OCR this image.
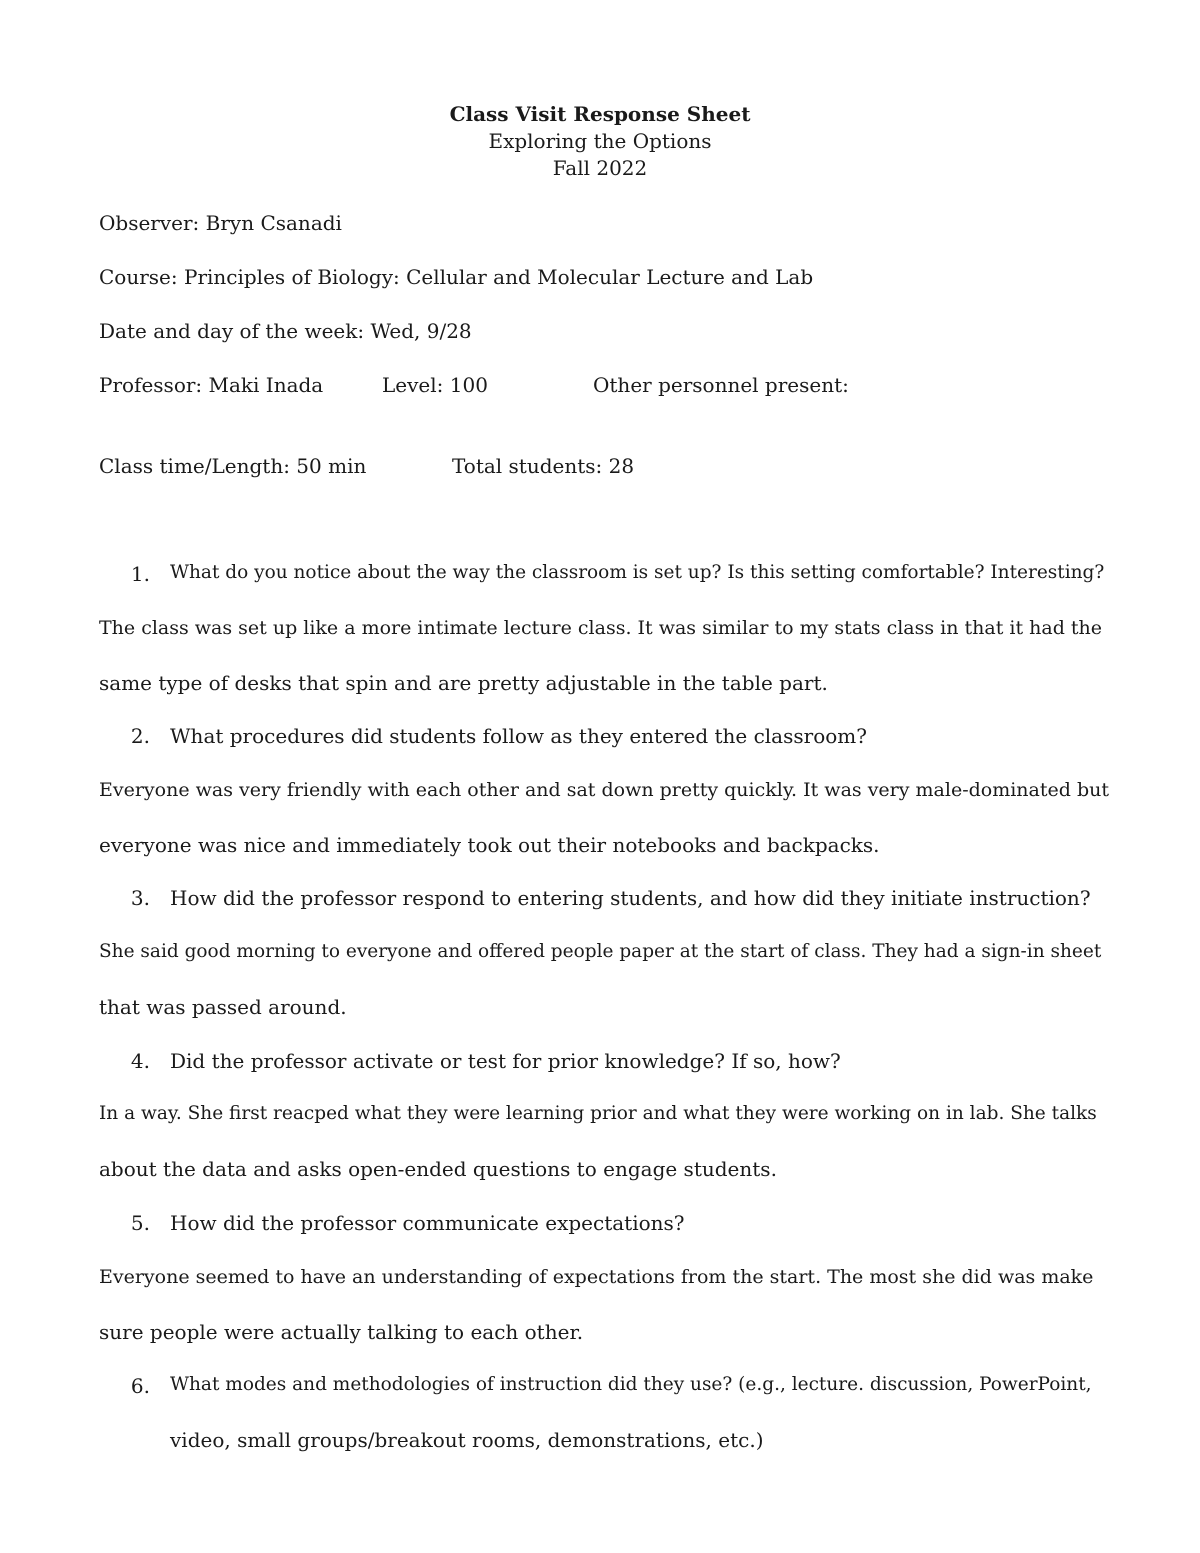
Class Visit Response Sheet
Exploring the Options
Fall 2022
Observer: Bryn Csanadi
Course: Principles of Biology: Cellular and Molecular Lecture and Lab
Date and day of the week: Wed, 9/28
Professor: Maki Inada	Level: 100	Other personnel present:
Class time/Length: 50 min	Total students: 28
1. What do you notice about the way the classroom is set up? Is this setting comfortable? Interesting?
The class was set up like a more intimate lecture class. It was similar to my stats class in that it had the
same type of desks that spin and are pretty adjustable in the table part.
2. What procedures did students follow as they entered the classroom?
Everyone was very friendly with each other and sat down pretty quickly. It was very male-dominated but
everyone was nice and immediately took out their notebooks and backpacks.
3. How did the professor respond to entering students, and how did they initiate instruction?
She said good morning to everyone and offered people paper at the start of class. They had a sign-in sheet
that was passed around.
4. Did the professor activate or test for prior knowledge? If so, how?
In a way. She first reacped what they were learning prior and what they were working on in lab. She talks
about the data and asks open-ended questions to engage students.
5. How did the professor communicate expectations?
Everyone seemed to have an understanding of expectations from the start. The most she did was make
sure people were actually talking to each other.
6. What modes and methodologies of instruction did they use? (e.g., lecture. discussion, PowerPoint,
video, small groups/breakout rooms, demonstrations, etc.)
